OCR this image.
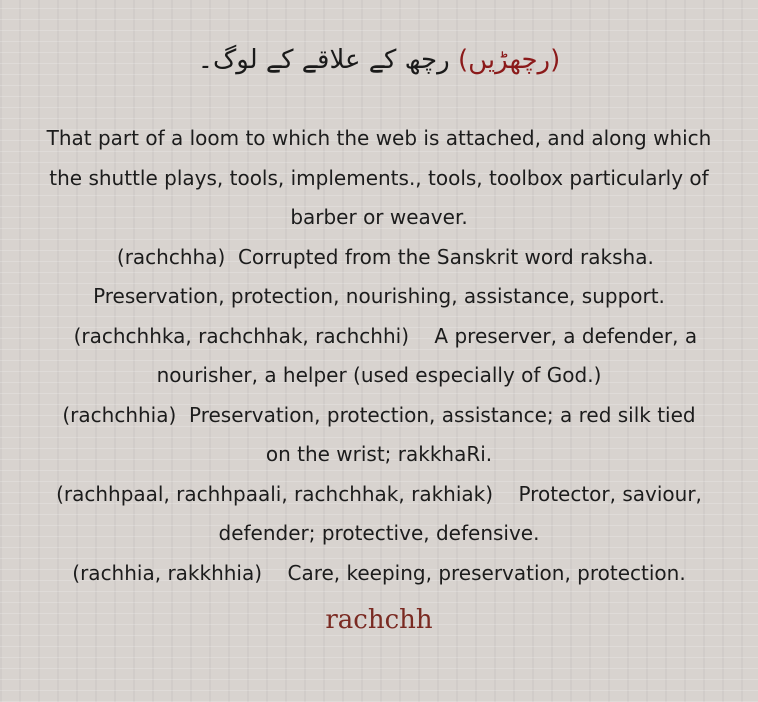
(رچھڑیں) رچھ کے علاقے کے لوگ۔
That part of a loom to which the web is attached, and along which
the shuttle plays, tools, implements., tools, toolbox particularly of
barber or weaver.
(rachchha)  Corrupted from the Sanskrit word raksha.
Preservation, protection, nourishing, assistance, support.
(rachchhka, rachchhak, rachchhi)    A preserver, a defender, a
nourisher, a helper (used especially of God.)
(rachchhia)  Preservation, protection, assistance; a red silk tied
on the wrist; rakkhaRi.
(rachhpaal, rachhpaali, rachchhak, rakhiak)    Protector, saviour,
defender; protective, defensive.
(rachhia, rakkhhia)    Care, keeping, preservation, protection.
rachchh
